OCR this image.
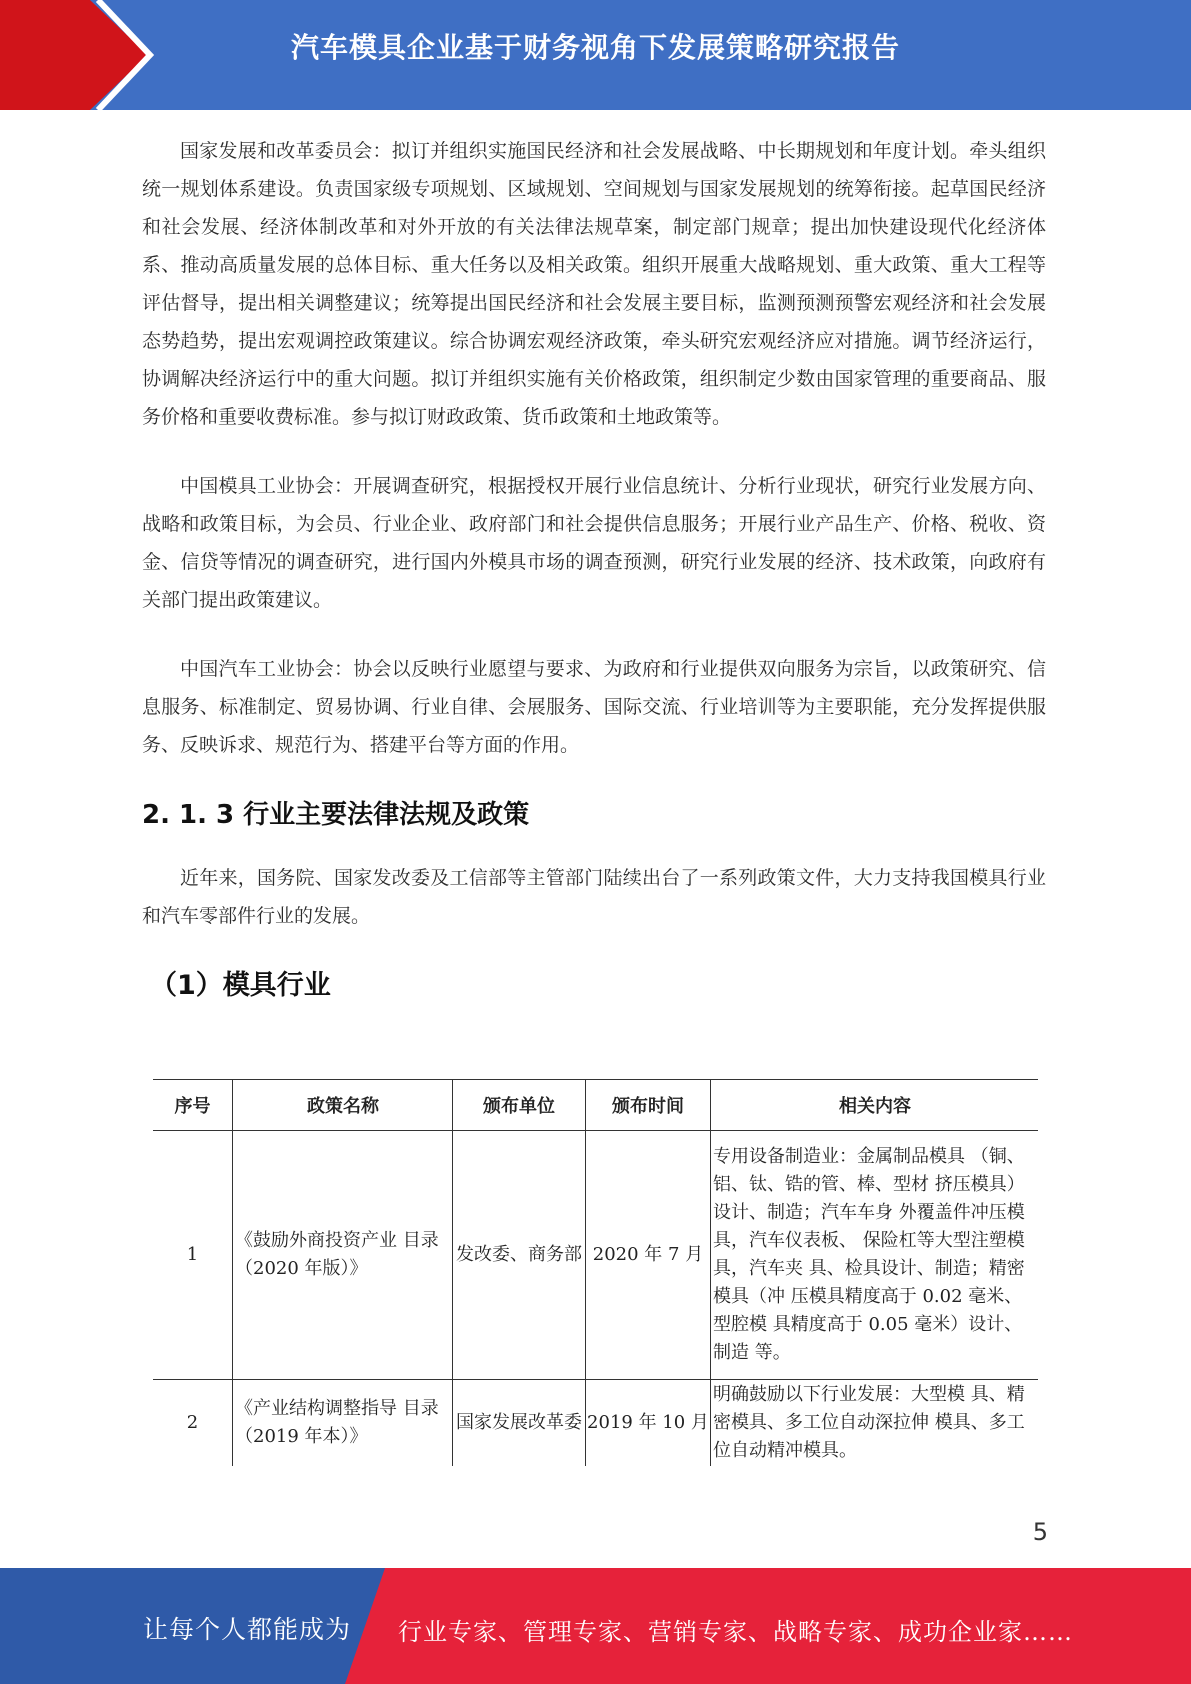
汽车模具企业基于财务视角下发展策略研究报告

国家发展和改革委员会：拟订并组织实施国民经济和社会发展战略、中长期规划和年度计划。牵头组织统一规划体系建设。负责国家级专项规划、区域规划、空间规划与国家发展规划的统筹衔接。起草国民经济和社会发展、经济体制改革和对外开放的有关法律法规草案，制定部门规章；提出加快建设现代化经济体系、推动高质量发展的总体目标、重大任务以及相关政策。组织开展重大战略规划、重大政策、重大工程等评估督导，提出相关调整建议；统筹提出国民经济和社会发展主要目标，监测预测预警宏观经济和社会发展态势趋势，提出宏观调控政策建议。综合协调宏观经济政策，牵头研究宏观经济应对措施。调节经济运行，协调解决经济运行中的重大问题。拟订并组织实施有关价格政策，组织制定少数由国家管理的重要商品、服务价格和重要收费标准。参与拟订财政政策、货币政策和土地政策等。

中国模具工业协会：开展调查研究，根据授权开展行业信息统计、分析行业现状，研究行业发展方向、战略和政策目标，为会员、行业企业、政府部门和社会提供信息服务；开展行业产品生产、价格、税收、资金、信贷等情况的调查研究，进行国内外模具市场的调查预测，研究行业发展的经济、技术政策，向政府有关部门提出政策建议。

中国汽车工业协会：协会以反映行业愿望与要求、为政府和行业提供双向服务为宗旨，以政策研究、信息服务、标准制定、贸易协调、行业自律、会展服务、国际交流、行业培训等为主要职能，充分发挥提供服务、反映诉求、规范行为、搭建平台等方面的作用。

2. 1. 3 行业主要法律法规及政策

近年来，国务院、国家发改委及工信部等主管部门陆续出台了一系列政策文件，大力支持我国模具行业和汽车零部件行业的发展。

（1）模具行业
序号	政策名称	颁布单位	颁布时间	相关内容
1	《鼓励外商投资产业 目录（2020 年版）》	发改委、商务部	2020 年 7 月	专用设备制造业：金属制品模具 （铜、铝、钛、锆的管、棒、型材 挤压模具）设计、制造；汽车车身 外覆盖件冲压模具，汽车仪表板、 保险杠等大型注塑模具，汽车夹 具、检具设计、制造；精密模具（冲 压模具精度高于 0.02 毫米、型腔模 具精度高于 0.05 毫米）设计、制造 等。
2	《产业结构调整指导 目录（2019 年本）》	国家发展改革委	2019 年 10 月	明确鼓励以下行业发展：大型模 具、精密模具、多工位自动深拉伸 模具、多工位自动精冲模具。
5
让每个人都能成为 行业专家、管理专家、营销专家、战略专家、成功企业家……
